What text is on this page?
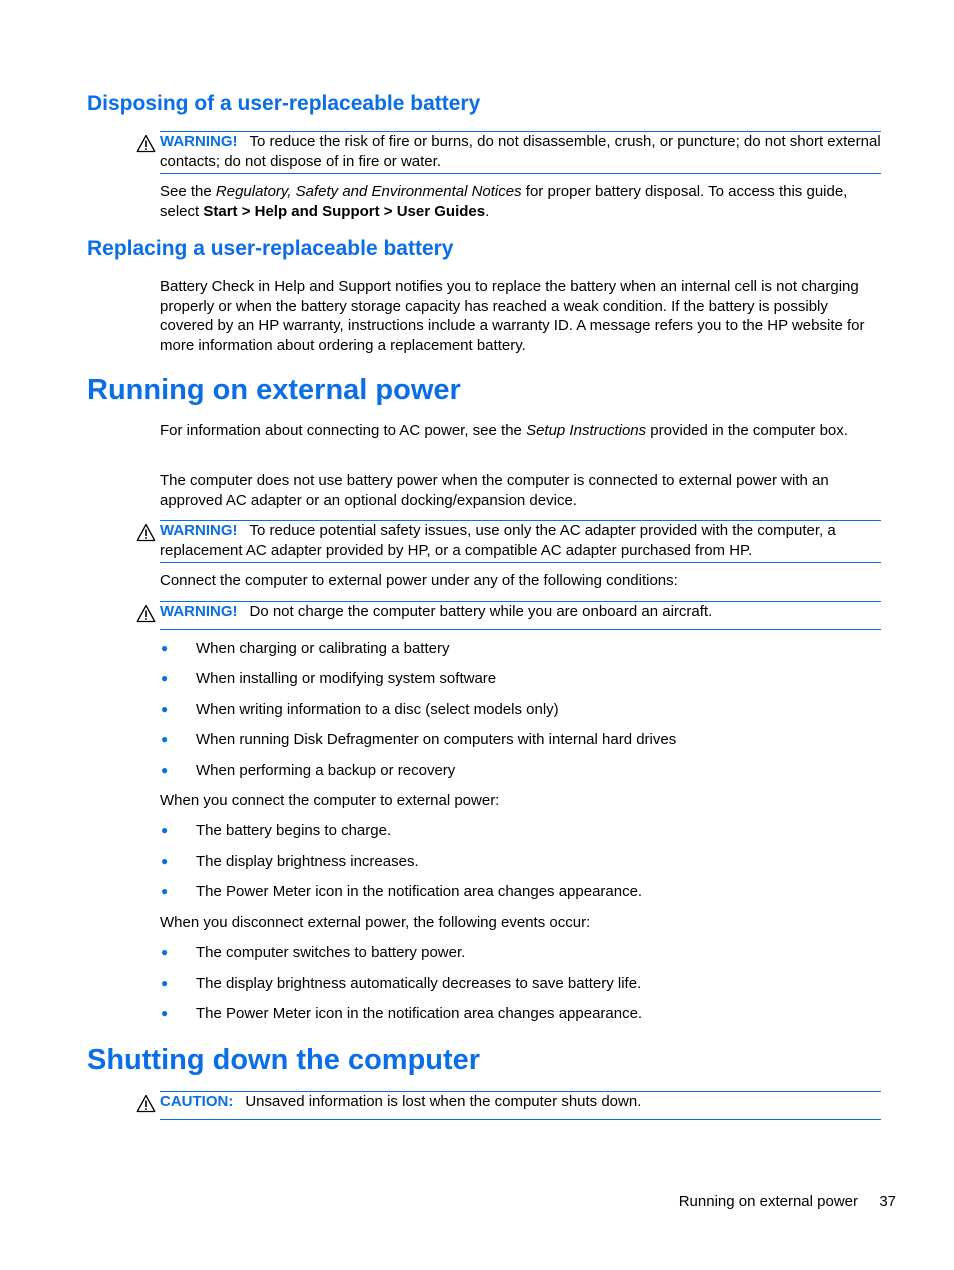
Disposing of a user-replaceable battery
WARNING! To reduce the risk of fire or burns, do not disassemble, crush, or puncture; do not short external contacts; do not dispose of in fire or water.

See the Regulatory, Safety and Environmental Notices for proper battery disposal. To access this guide, select Start > Help and Support > User Guides.

Replacing a user-replaceable battery

Battery Check in Help and Support notifies you to replace the battery when an internal cell is not charging properly or when the battery storage capacity has reached a weak condition. If the battery is possibly covered by an HP warranty, instructions include a warranty ID. A message refers you to the HP website for more information about ordering a replacement battery.

Running on external power

For information about connecting to AC power, see the Setup Instructions provided in the computer box.

The computer does not use battery power when the computer is connected to external power with an approved AC adapter or an optional docking/expansion device.

WARNING! To reduce potential safety issues, use only the AC adapter provided with the computer, a replacement AC adapter provided by HP, or a compatible AC adapter purchased from HP.

Connect the computer to external power under any of the following conditions:

WARNING! Do not charge the computer battery while you are onboard an aircraft.
● When charging or calibrating a battery
● When installing or modifying system software
● When writing information to a disc (select models only)
● When running Disk Defragmenter on computers with internal hard drives
● When performing a backup or recovery

When you connect the computer to external power:

● The battery begins to charge.
● The display brightness increases.
● The Power Meter icon in the notification area changes appearance.

When you disconnect external power, the following events occur:

● The computer switches to battery power.
● The display brightness automatically decreases to save battery life.
● The Power Meter icon in the notification area changes appearance.
Shutting down the computer
CAUTION: Unsaved information is lost when the computer shuts down.
Running on external power 37
